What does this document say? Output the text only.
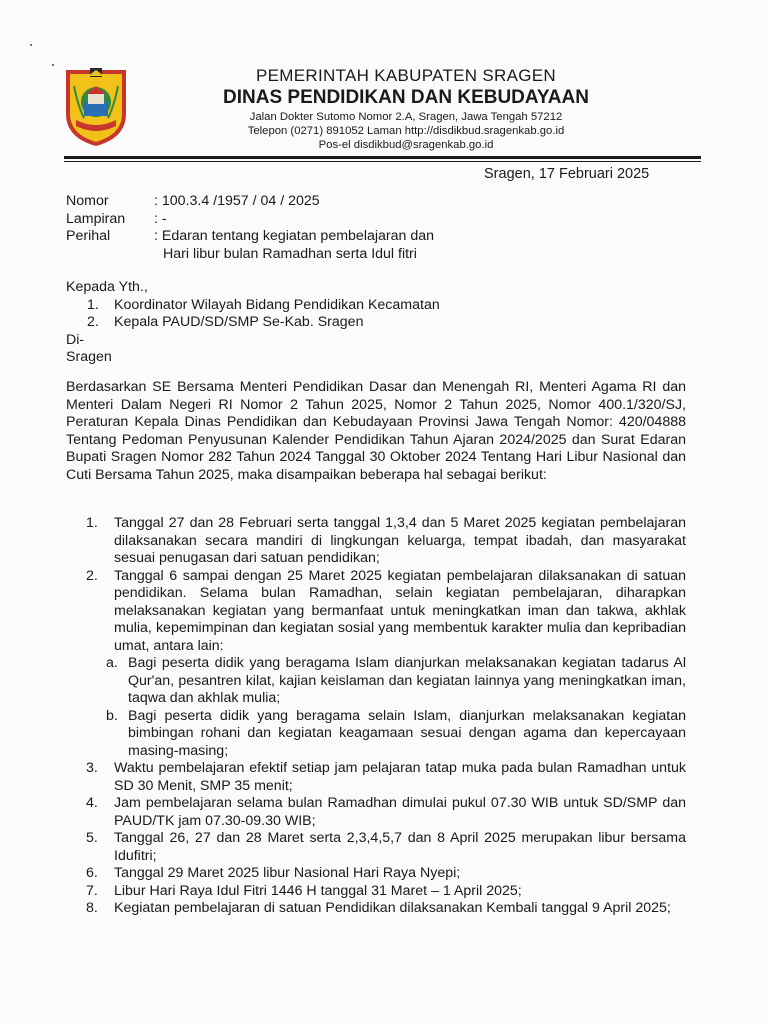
PEMERINTAH KABUPATEN SRAGEN
DINAS PENDIDIKAN DAN KEBUDAYAAN
Jalan Dokter Sutomo Nomor 2.A, Sragen, Jawa Tengah 57212
Telepon (0271) 891052 Laman http://disdikbud.sragenkab.go.id
Pos-el disdikbud@sragenkab.go.id
Sragen, 17 Februari 2025
Nomor	: 100.3.4 /1957 / 04 / 2025
Lampiran	: -
Perihal	: Edaran tentang kegiatan pembelajaran dan
Hari libur bulan Ramadhan serta Idul fitri
Kepada Yth.,
1.	Koordinator Wilayah Bidang Pendidikan Kecamatan
2.	Kepala PAUD/SD/SMP Se-Kab. Sragen
Di-
Sragen
Berdasarkan SE Bersama Menteri Pendidikan Dasar dan Menengah RI, Menteri Agama RI dan Menteri Dalam Negeri RI Nomor 2 Tahun 2025, Nomor 2 Tahun 2025, Nomor 400.1/320/SJ, Peraturan Kepala Dinas Pendidikan dan Kebudayaan Provinsi Jawa Tengah Nomor: 420/04888 Tentang Pedoman Penyusunan Kalender Pendidikan Tahun Ajaran 2024/2025 dan Surat Edaran Bupati Sragen Nomor 282 Tahun 2024 Tanggal 30 Oktober 2024 Tentang Hari Libur Nasional dan Cuti Bersama Tahun 2025, maka disampaikan beberapa hal sebagai berikut:
1.	Tanggal 27 dan 28 Februari serta tanggal 1,3,4 dan 5 Maret 2025 kegiatan pembelajaran dilaksanakan secara mandiri di lingkungan keluarga, tempat ibadah, dan masyarakat sesuai penugasan dari satuan pendidikan;
2.	Tanggal 6 sampai dengan 25 Maret 2025 kegiatan pembelajaran dilaksanakan di satuan pendidikan. Selama bulan Ramadhan, selain kegiatan pembelajaran, diharapkan melaksanakan kegiatan yang bermanfaat untuk meningkatkan iman dan takwa, akhlak mulia, kepemimpinan dan kegiatan sosial yang membentuk karakter mulia dan kepribadian umat, antara lain:
a. Bagi peserta didik yang beragama Islam dianjurkan melaksanakan kegiatan tadarus Al Qur'an, pesantren kilat, kajian keislaman dan kegiatan lainnya yang meningkatkan iman, taqwa dan akhlak mulia;
b. Bagi peserta didik yang beragama selain Islam, dianjurkan melaksanakan kegiatan bimbingan rohani dan kegiatan keagamaan sesuai dengan agama dan kepercayaan masing-masing;
3.	Waktu pembelajaran efektif setiap jam pelajaran tatap muka pada bulan Ramadhan untuk SD 30 Menit, SMP 35 menit;
4.	Jam pembelajaran selama bulan Ramadhan dimulai pukul 07.30 WIB untuk SD/SMP dan PAUD/TK jam 07.30-09.30 WIB;
5.	Tanggal 26, 27 dan 28 Maret serta 2,3,4,5,7 dan 8 April 2025 merupakan libur bersama Idufitri;
6.	Tanggal 29 Maret 2025 libur Nasional Hari Raya Nyepi;
7.	Libur Hari Raya Idul Fitri 1446 H tanggal 31 Maret – 1 April 2025;
8.	Kegiatan pembelajaran di satuan Pendidikan dilaksanakan Kembali tanggal 9 April 2025;
